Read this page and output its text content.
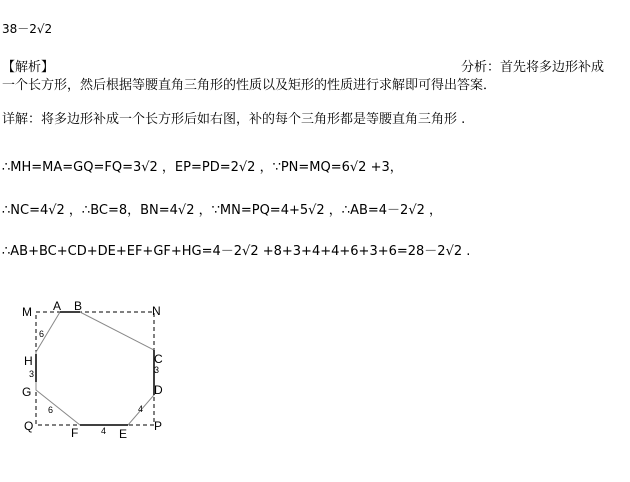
38－2√2
【解析】	分析：首先将多边形补成
一个长方形，然后根据等腰直角三角形的性质以及矩形的性质进行求解即可得出答案．
详解：将多边形补成一个长方形后如右图，补的每个三角形都是等腰直角三角形 .
∴MH=MA=GQ=FQ=3√2 ，EP=PD=2√2 ，∵PN=MQ=6√2 +3，
∴NC=4√2 ，∴BC=8，BN=4√2 ，∵MN=PQ=4+5√2 ，∴AB=4－2√2 ，
∴AB+BC+CD+DE+EF+GF+HG=4－2√2 +8+3+4+4+6+3+6=28－2√2 .
M A B	N
C
D
P
E
F
Q
G
H
6
3	3
4
4
6
